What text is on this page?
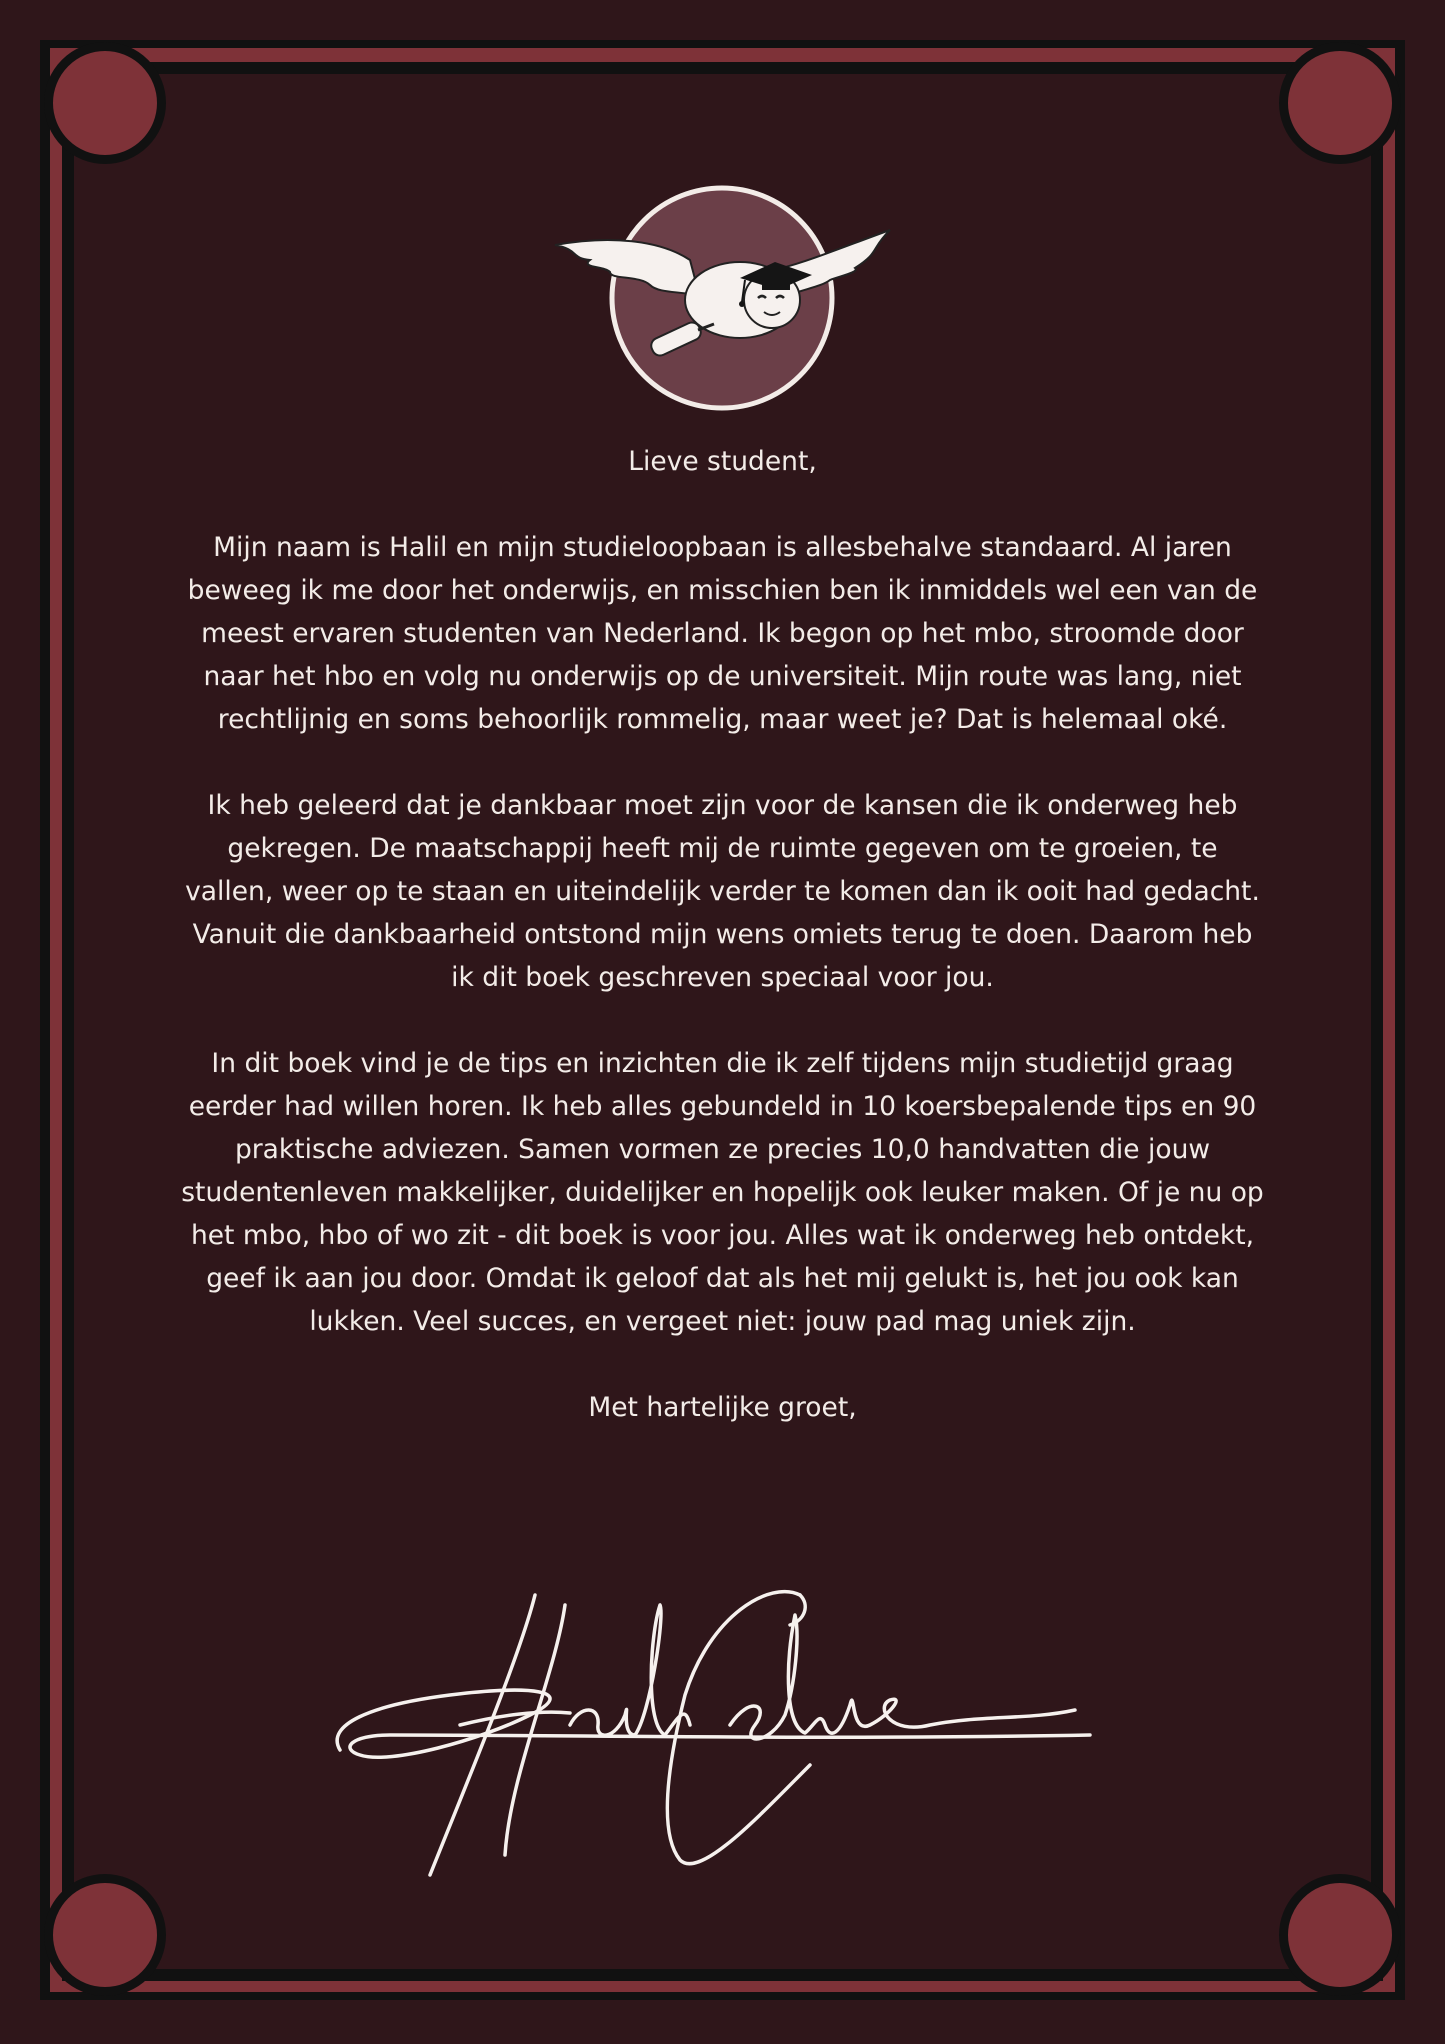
Lieve student,

Mijn naam is Halil en mijn studieloopbaan is allesbehalve standaard. Al jaren beweeg ik me door het onderwijs, en misschien ben ik inmiddels wel een van de meest ervaren studenten van Nederland. Ik begon op het mbo, stroomde door naar het hbo en volg nu onderwijs op de universiteit. Mijn route was lang, niet rechtlijnig en soms behoorlijk rommelig, maar weet je? Dat is helemaal oké.

Ik heb geleerd dat je dankbaar moet zijn voor de kansen die ik onderweg heb gekregen. De maatschappij heeft mij de ruimte gegeven om te groeien, te vallen, weer op te staan en uiteindelijk verder te komen dan ik ooit had gedacht. Vanuit die dankbaarheid ontstond mijn wens omiets terug te doen. Daarom heb ik dit boek geschreven speciaal voor jou.

In dit boek vind je de tips en inzichten die ik zelf tijdens mijn studietijd graag eerder had willen horen. Ik heb alles gebundeld in 10 koersbepalende tips en 90 praktische adviezen. Samen vormen ze precies 10,0 handvatten die jouw studentenleven makkelijker, duidelijker en hopelijk ook leuker maken. Of je nu op het mbo, hbo of wo zit - dit boek is voor jou. Alles wat ik onderweg heb ontdekt, geef ik aan jou door. Omdat ik geloof dat als het mij gelukt is, het jou ook kan lukken. Veel succes, en vergeet niet: jouw pad mag uniek zijn.

Met hartelijke groet,
